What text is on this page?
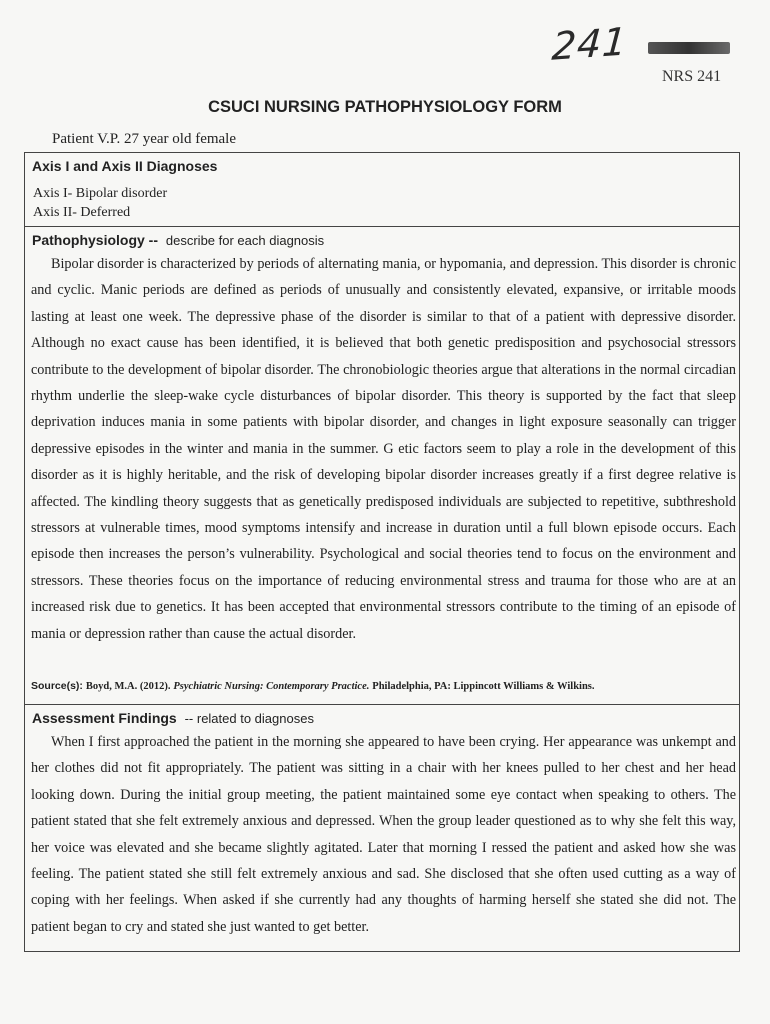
241
NRS 241
CSUCI NURSING PATHOPHYSIOLOGY FORM
Patient V.P. 27 year old female
Axis I and Axis II Diagnoses
Axis I- Bipolar disorder
Axis II- Deferred
Pathophysiology -- describe for each diagnosis

Bipolar disorder is characterized by periods of alternating mania, or hypomania, and depression. This disorder is chronic and cyclic. Manic periods are defined as periods of unusually and consistently elevated, expansive, or irritable moods lasting at least one week. The depressive phase of the disorder is similar to that of a patient with depressive disorder. Although no exact cause has been identified, it is believed that both genetic predisposition and psychosocial stressors contribute to the development of bipolar disorder. The chronobiologic theories argue that alterations in the normal circadian rhythm underlie the sleep-wake cycle disturbances of bipolar disorder. This theory is supported by the fact that sleep deprivation induces mania in some patients with bipolar disorder, and changes in light exposure seasonally can trigger depressive episodes in the winter and mania in the summer. G etic factors seem to play a role in the development of this disorder as it is highly heritable, and the risk of developing bipolar disorder increases greatly if a first degree relative is affected. The kindling theory suggests that as genetically predisposed individuals are subjected to repetitive, subthreshold stressors at vulnerable times, mood symptoms intensify and increase in duration until a full blown episode occurs. Each episode then increases the person’s vulnerability. Psychological and social theories tend to focus on the environment and stressors. These theories focus on the importance of reducing environmental stress and trauma for those who are at an increased risk due to genetics. It has been accepted that environmental stressors contribute to the timing of an episode of mania or depression rather than cause the actual disorder.

Source(s): Boyd, M.A. (2012). Psychiatric Nursing: Contemporary Practice. Philadelphia, PA: Lippincott Williams & Wilkins.
Assessment Findings -- related to diagnoses

When I first approached the patient in the morning she appeared to have been crying. Her appearance was unkempt and her clothes did not fit appropriately. The patient was sitting in a chair with her knees pulled to her chest and her head looking down. During the initial group meeting, the patient maintained some eye contact when speaking to others. The patient stated that she felt extremely anxious and depressed. When the group leader questioned as to why she felt this way, her voice was elevated and she became slightly agitated. Later that morning I ressed the patient and asked how she was feeling. The patient stated she still felt extremely anxious and sad. She disclosed that she often used cutting as a way of coping with her feelings. When asked if she currently had any thoughts of harming herself she stated she did not. The patient began to cry and stated she just wanted to get better.
